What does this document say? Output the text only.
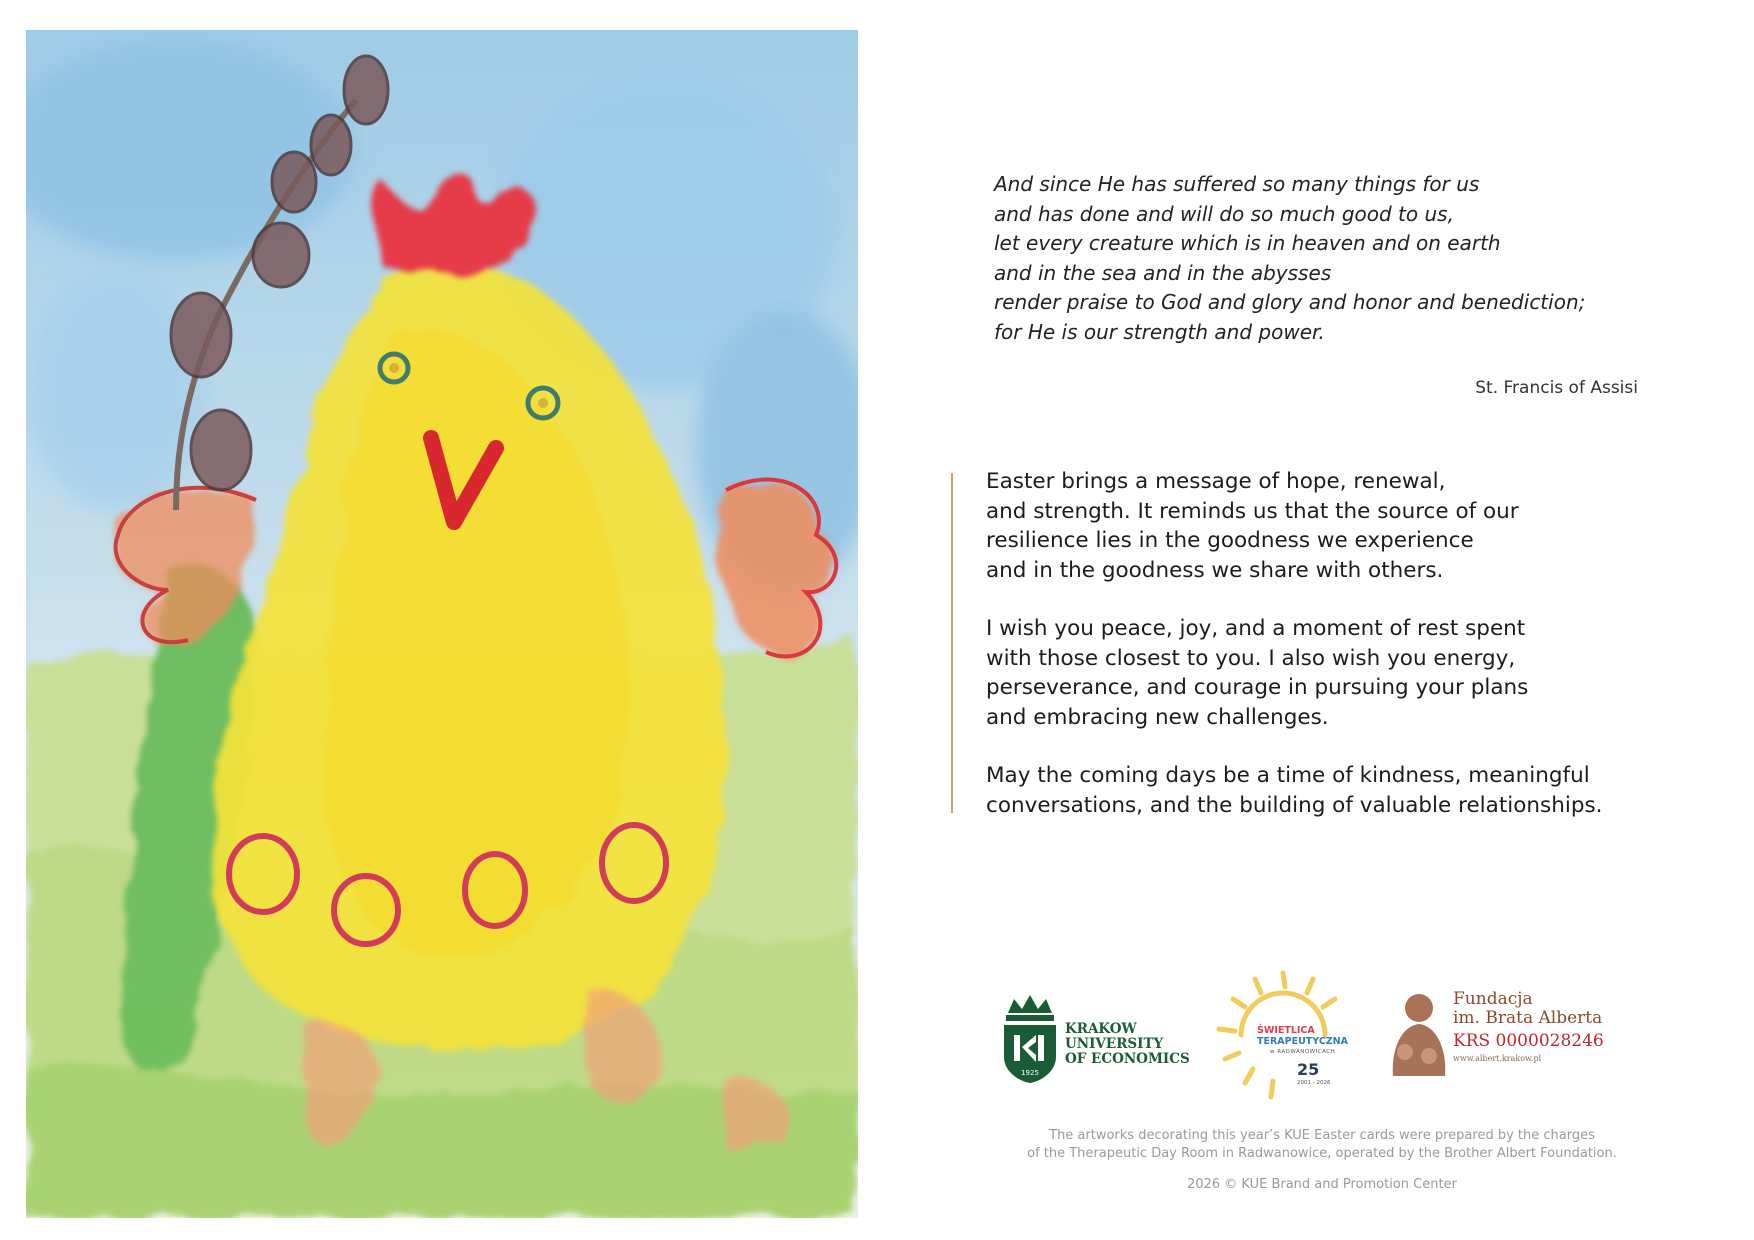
And since He has suffered so many things for us
and has done and will do so much good to us,
let every creature which is in heaven and on earth
and in the sea and in the abysses
render praise to God and glory and honor and benediction;
for He is our strength and power.
St. Francis of Assisi
Easter brings a message of hope, renewal,
and strength. It reminds us that the source of our
resilience lies in the goodness we experience
and in the goodness we share with others.
I wish you peace, joy, and a moment of rest spent
with those closest to you. I also wish you energy,
perseverance, and courage in pursuing your plans
and embracing new challenges.
May the coming days be a time of kindness, meaningful
conversations, and the building of valuable relationships.
1925
KRAKOW
UNIVERSITY
OF ECONOMICS
ŚWIETLICA
TERAPEUTYCZNA
w RADWANOWICACH
25
2001 - 2026
Fundacja
im. Brata Alberta
KRS 0000028246
www.albert.krakow.pl
The artworks decorating this year’s KUE Easter cards were prepared by the charges
of the Therapeutic Day Room in Radwanowice, operated by the Brother Albert Foundation.
2026 © KUE Brand and Promotion Center
